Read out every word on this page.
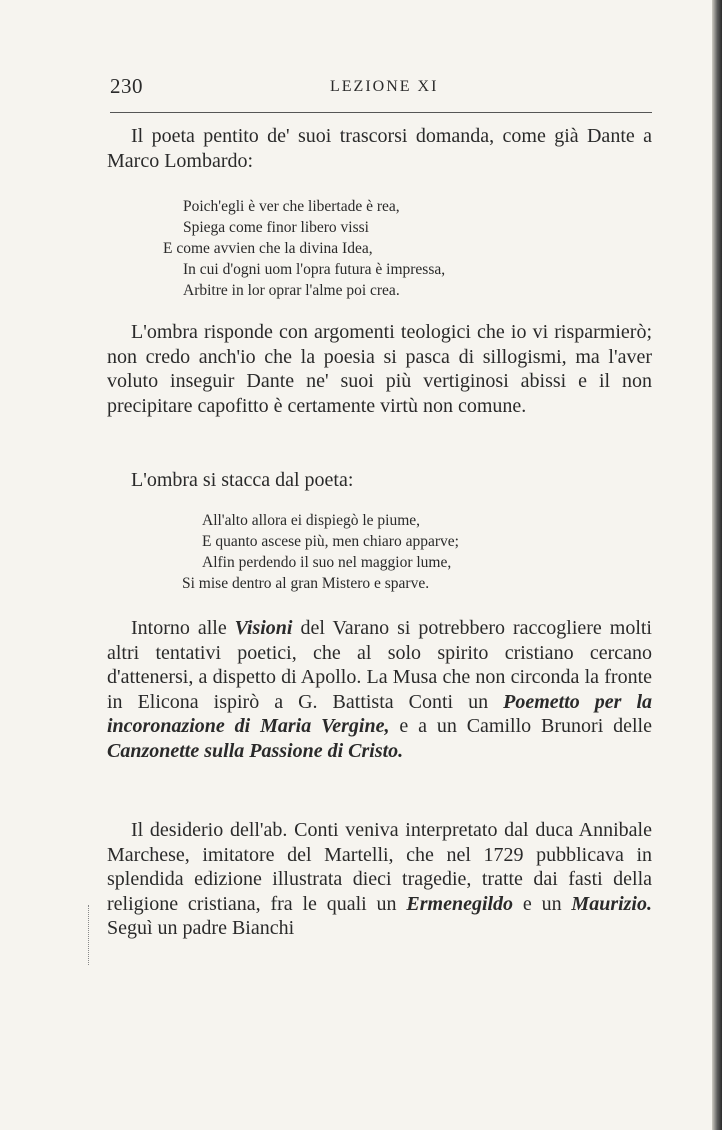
230	LEZIONE XI

Il poeta pentito de' suoi trascorsi domanda, come già Dante a Marco Lombardo:

Poich'egli è ver che libertade è rea,
Spiega come finor libero vissi
E come avvien che la divina Idea,
In cui d'ogni uom l'opra futura è impressa,
Arbitre in lor oprar l'alme poi crea.

L'ombra risponde con argomenti teologici che io vi risparmierò; non credo anch'io che la poesia si pasca di sillogismi, ma l'aver voluto inseguir Dante ne' suoi più vertiginosi abissi e il non precipitare capofitto è certamente virtù non comune.

L'ombra si stacca dal poeta:

All'alto allora ei dispiegò le piume,
E quanto ascese più, men chiaro apparve;
Alfin perdendo il suo nel maggior lume,
Si mise dentro al gran Mistero e sparve.

Intorno alle Visioni del Varano si potrebbero raccogliere molti altri tentativi poetici, che al solo spirito cristiano cercano d'attenersi, a dispetto di Apollo. La Musa che non circonda la fronte in Elicona ispirò a G. Battista Conti un Poemetto per la incoronazione di Maria Vergine, e a un Camillo Brunori delle Canzonette sulla Passione di Cristo.

Il desiderio dell'ab. Conti veniva interpretato dal duca Annibale Marchese, imitatore del Martelli, che nel 1729 pubblicava in splendida edizione illustrata dieci tragedie, tratte dai fasti della religione cristiana, fra le quali un Ermenegildo e un Maurizio. Seguì un padre Bianchi
